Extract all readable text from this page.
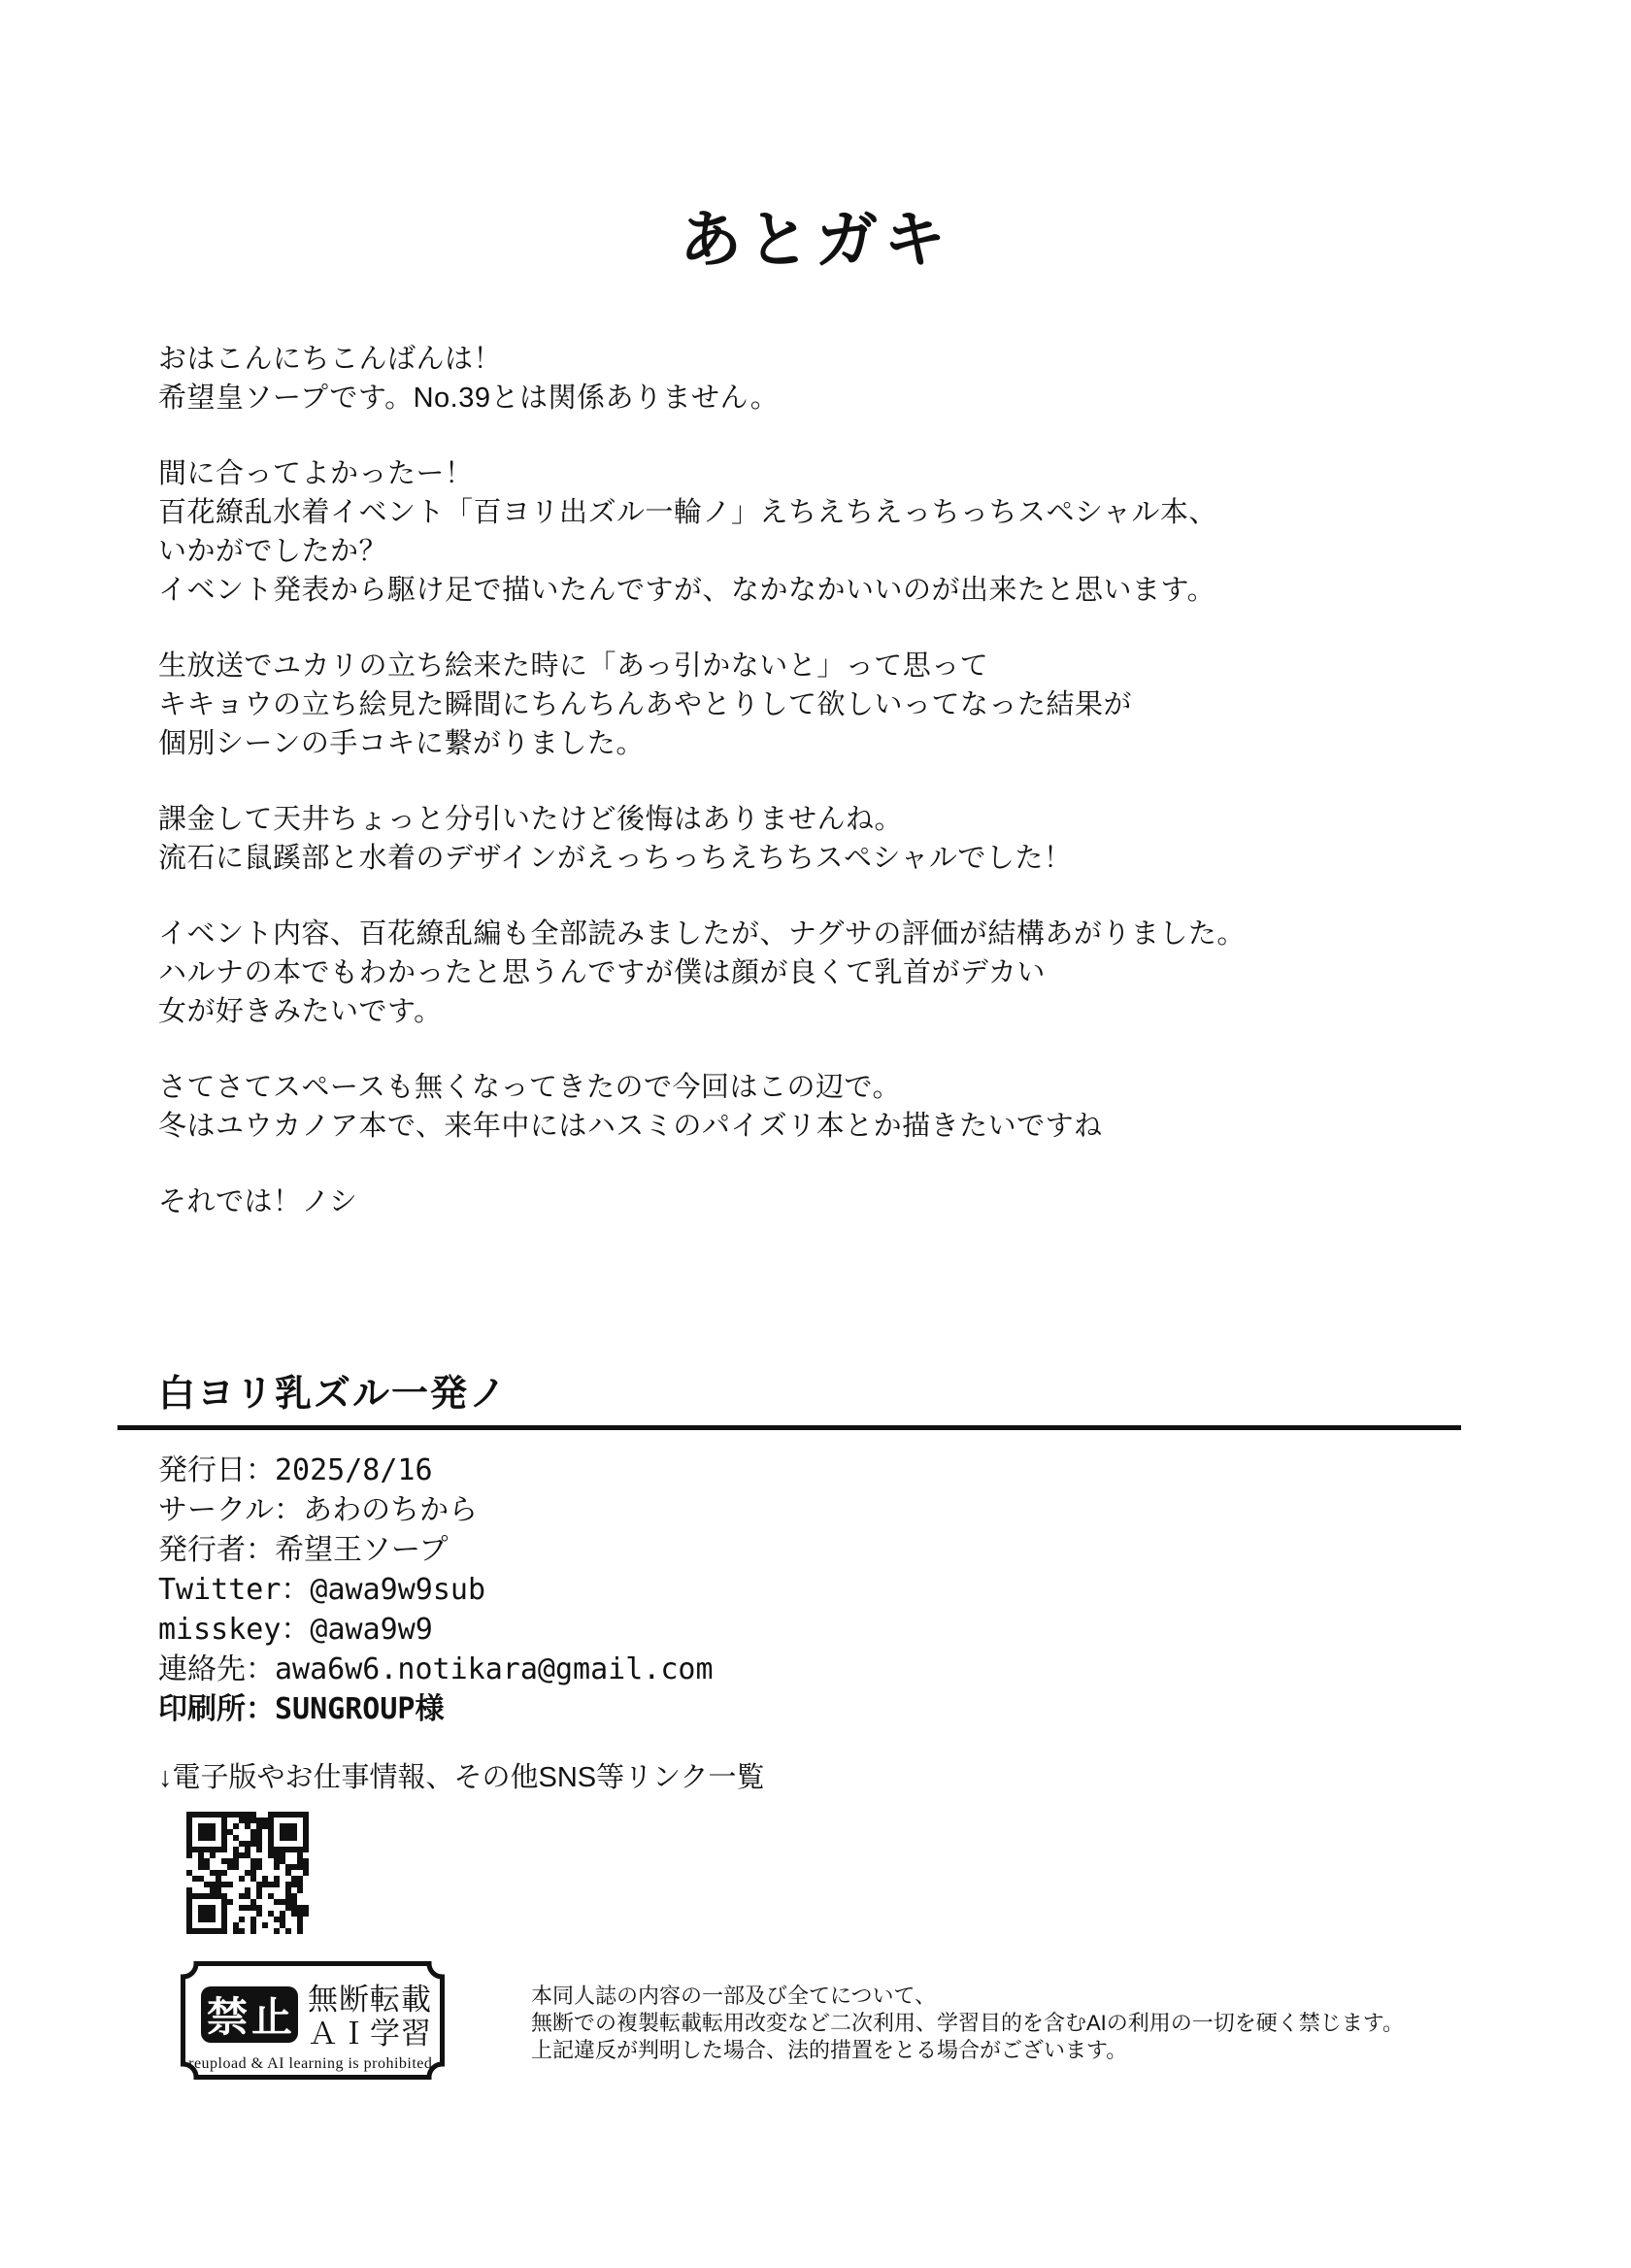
あとガキ
おはこんにちこんばんは！
希望皇ソープです。No.39とは関係ありません。
間に合ってよかったー！
百花繚乱水着イベント「百ヨリ出ズル一輪ノ」えちえちえっちっちスペシャル本、
いかがでしたか？
イベント発表から駆け足で描いたんですが、なかなかいいのが出来たと思います。
生放送でユカリの立ち絵来た時に「あっ引かないと」って思って
キキョウの立ち絵見た瞬間にちんちんあやとりして欲しいってなった結果が
個別シーンの手コキに繋がりました。
課金して天井ちょっと分引いたけど後悔はありませんね。
流石に鼠蹊部と水着のデザインがえっちっちえちちスペシャルでした！
イベント内容、百花繚乱編も全部読みましたが、ナグサの評価が結構あがりました。
ハルナの本でもわかったと思うんですが僕は顔が良くて乳首がデカい
女が好きみたいです。
さてさてスペースも無くなってきたので今回はこの辺で。
冬はユウカノア本で、来年中にはハスミのパイズリ本とか描きたいですね
それでは！ノシ
白ヨリ乳ズル一発ノ
発行日：2025/8/16
サークル：あわのちから
発行者：希望王ソープ
Twitter：@awa9w9sub
misskey：@awa9w9
連絡先：awa6w6.notikara@gmail.com
印刷所：SUNGROUP様
↓電子版やお仕事情報、その他SNS等リンク一覧
禁止 無断転載
ＡＩ学習
reupload & AI learning is prohibited.
本同人誌の内容の一部及び全てについて、
無断での複製転載転用改変など二次利用、学習目的を含むAIの利用の一切を硬く禁じます。
上記違反が判明した場合、法的措置をとる場合がございます。
